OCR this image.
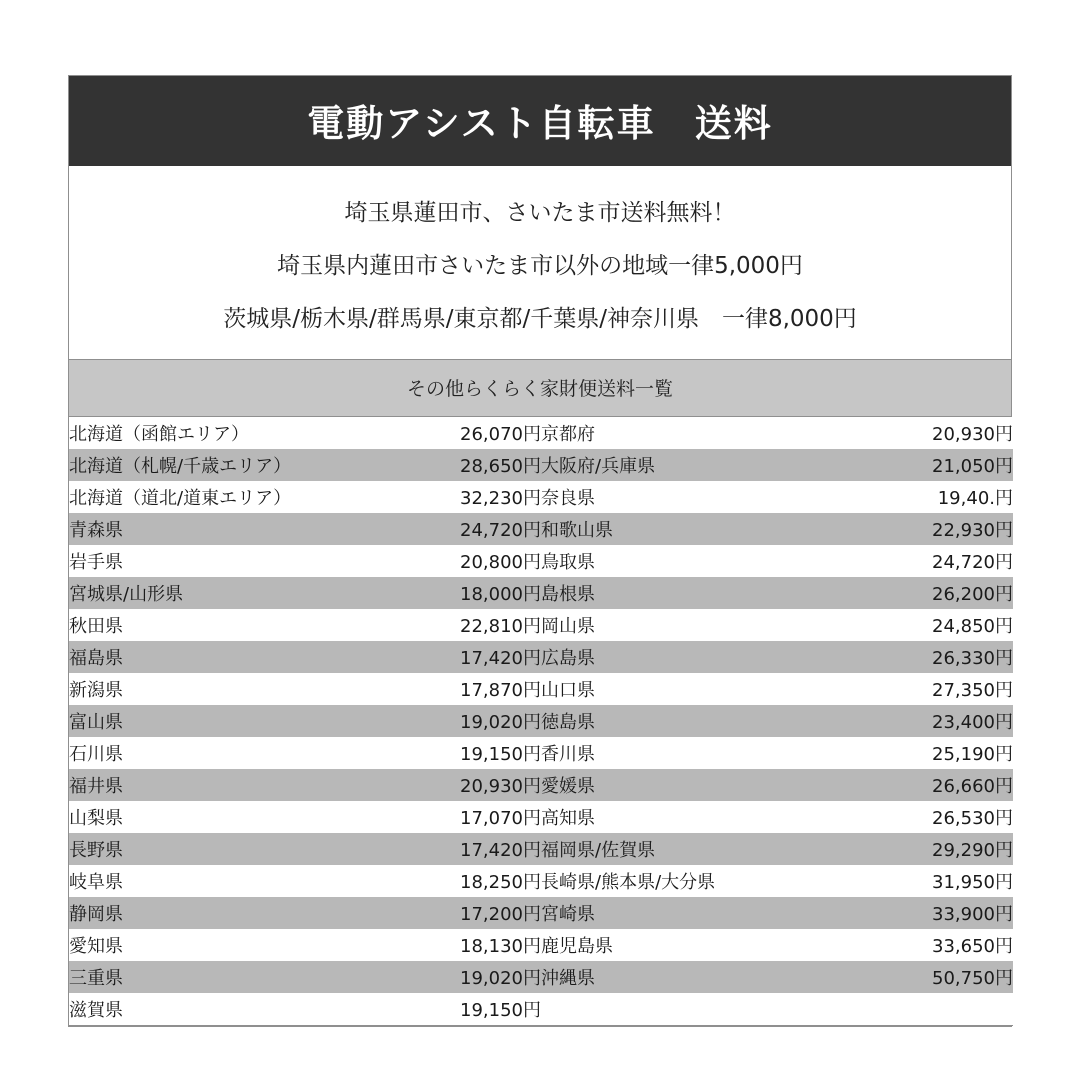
電動アシスト自転車　送料
埼玉県蓮田市、さいたま市送料無料！
埼玉県内蓮田市さいたま市以外の地域一律5,000円
茨城県/栃木県/群馬県/東京都/千葉県/神奈川県　一律8,000円
その他らくらく家財便送料一覧
北海道（函館エリア）	26,070円	京都府	20,930円
北海道（札幌/千歳エリア）	28,650円	大阪府/兵庫県	21,050円
北海道（道北/道東エリア）	32,230円	奈良県	19,40.円
青森県	24,720円	和歌山県	22,930円
岩手県	20,800円	鳥取県	24,720円
宮城県/山形県	18,000円	島根県	26,200円
秋田県	22,810円	岡山県	24,850円
福島県	17,420円	広島県	26,330円
新潟県	17,870円	山口県	27,350円
富山県	19,020円	徳島県	23,400円
石川県	19,150円	香川県	25,190円
福井県	20,930円	愛媛県	26,660円
山梨県	17,070円	高知県	26,530円
長野県	17,420円	福岡県/佐賀県	29,290円
岐阜県	18,250円	長崎県/熊本県/大分県	31,950円
静岡県	17,200円	宮崎県	33,900円
愛知県	18,130円	鹿児島県	33,650円
三重県	19,020円	沖縄県	50,750円
滋賀県	19,150円		
